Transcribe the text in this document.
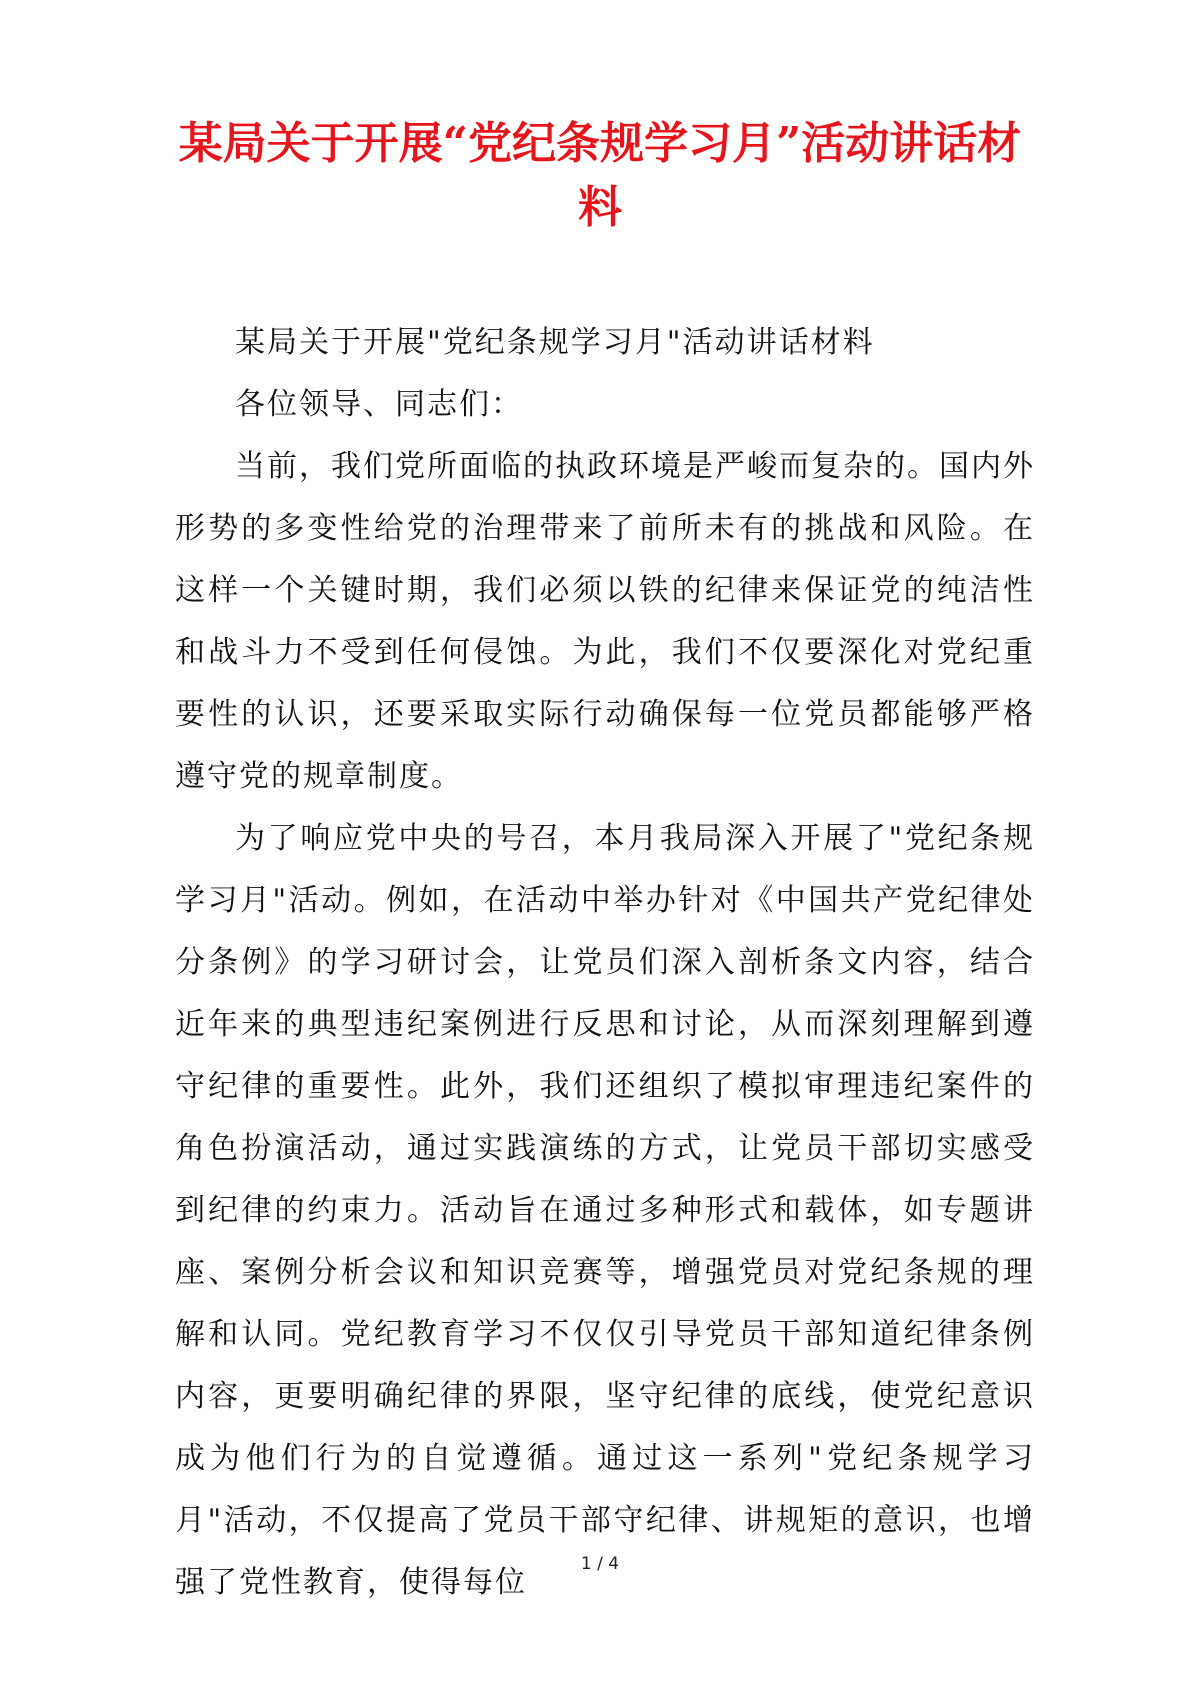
某局关于开展“党纪条规学习月”活动讲话材料

某局关于开展"党纪条规学习月"活动讲话材料

各位领导、同志们：

当前，我们党所面临的执政环境是严峻而复杂的。国内外形势的多变性给党的治理带来了前所未有的挑战和风险。在这样一个关键时期，我们必须以铁的纪律来保证党的纯洁性和战斗力不受到任何侵蚀。为此，我们不仅要深化对党纪重要性的认识，还要采取实际行动确保每一位党员都能够严格遵守党的规章制度。

为了响应党中央的号召，本月我局深入开展了"党纪条规学习月"活动。例如，在活动中举办针对《中国共产党纪律处分条例》的学习研讨会，让党员们深入剖析条文内容，结合近年来的典型违纪案例进行反思和讨论，从而深刻理解到遵守纪律的重要性。此外，我们还组织了模拟审理违纪案件的角色扮演活动，通过实践演练的方式，让党员干部切实感受到纪律的约束力。活动旨在通过多种形式和载体，如专题讲座、案例分析会议和知识竞赛等，增强党员对党纪条规的理解和认同。党纪教育学习不仅仅引导党员干部知道纪律条例内容，更要明确纪律的界限，坚守纪律的底线，使党纪意识成为他们行为的自觉遵循。通过这一系列"党纪条规学习月"活动，不仅提高了党员干部守纪律、讲规矩的意识，也增强了党性教育，使得每位

1 / 4
